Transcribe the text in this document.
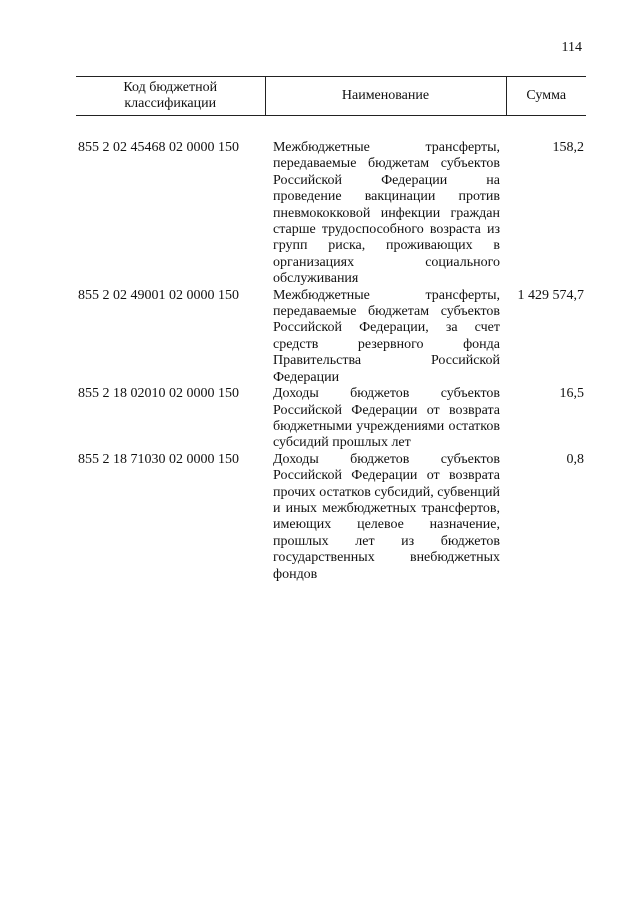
114
Код бюджетной классификации	Наименование	Сумма

855 2 02 45468 02 0000 150	Межбюджетные трансферты, передаваемые бюджетам субъектов Российской Федерации на проведение вакцинации против пневмококковой инфекции граждан старше трудоспособного возраста из групп риска, проживающих в организациях социального обслуживания	158,2
855 2 02 49001 02 0000 150	Межбюджетные трансферты, передаваемые бюджетам субъектов Российской Федерации, за счет средств резервного фонда Правительства Российской Федерации	1 429 574,7
855 2 18 02010 02 0000 150	Доходы бюджетов субъектов Российской Федерации от возврата бюджетными учреждениями остатков субсидий прошлых лет	16,5
855 2 18 71030 02 0000 150	Доходы бюджетов субъектов Российской Федерации от возврата прочих остатков субсидий, субвенций и иных межбюджетных трансфертов, имеющих целевое назначение, прошлых лет из бюджетов государственных внебюджетных фондов	0,8
